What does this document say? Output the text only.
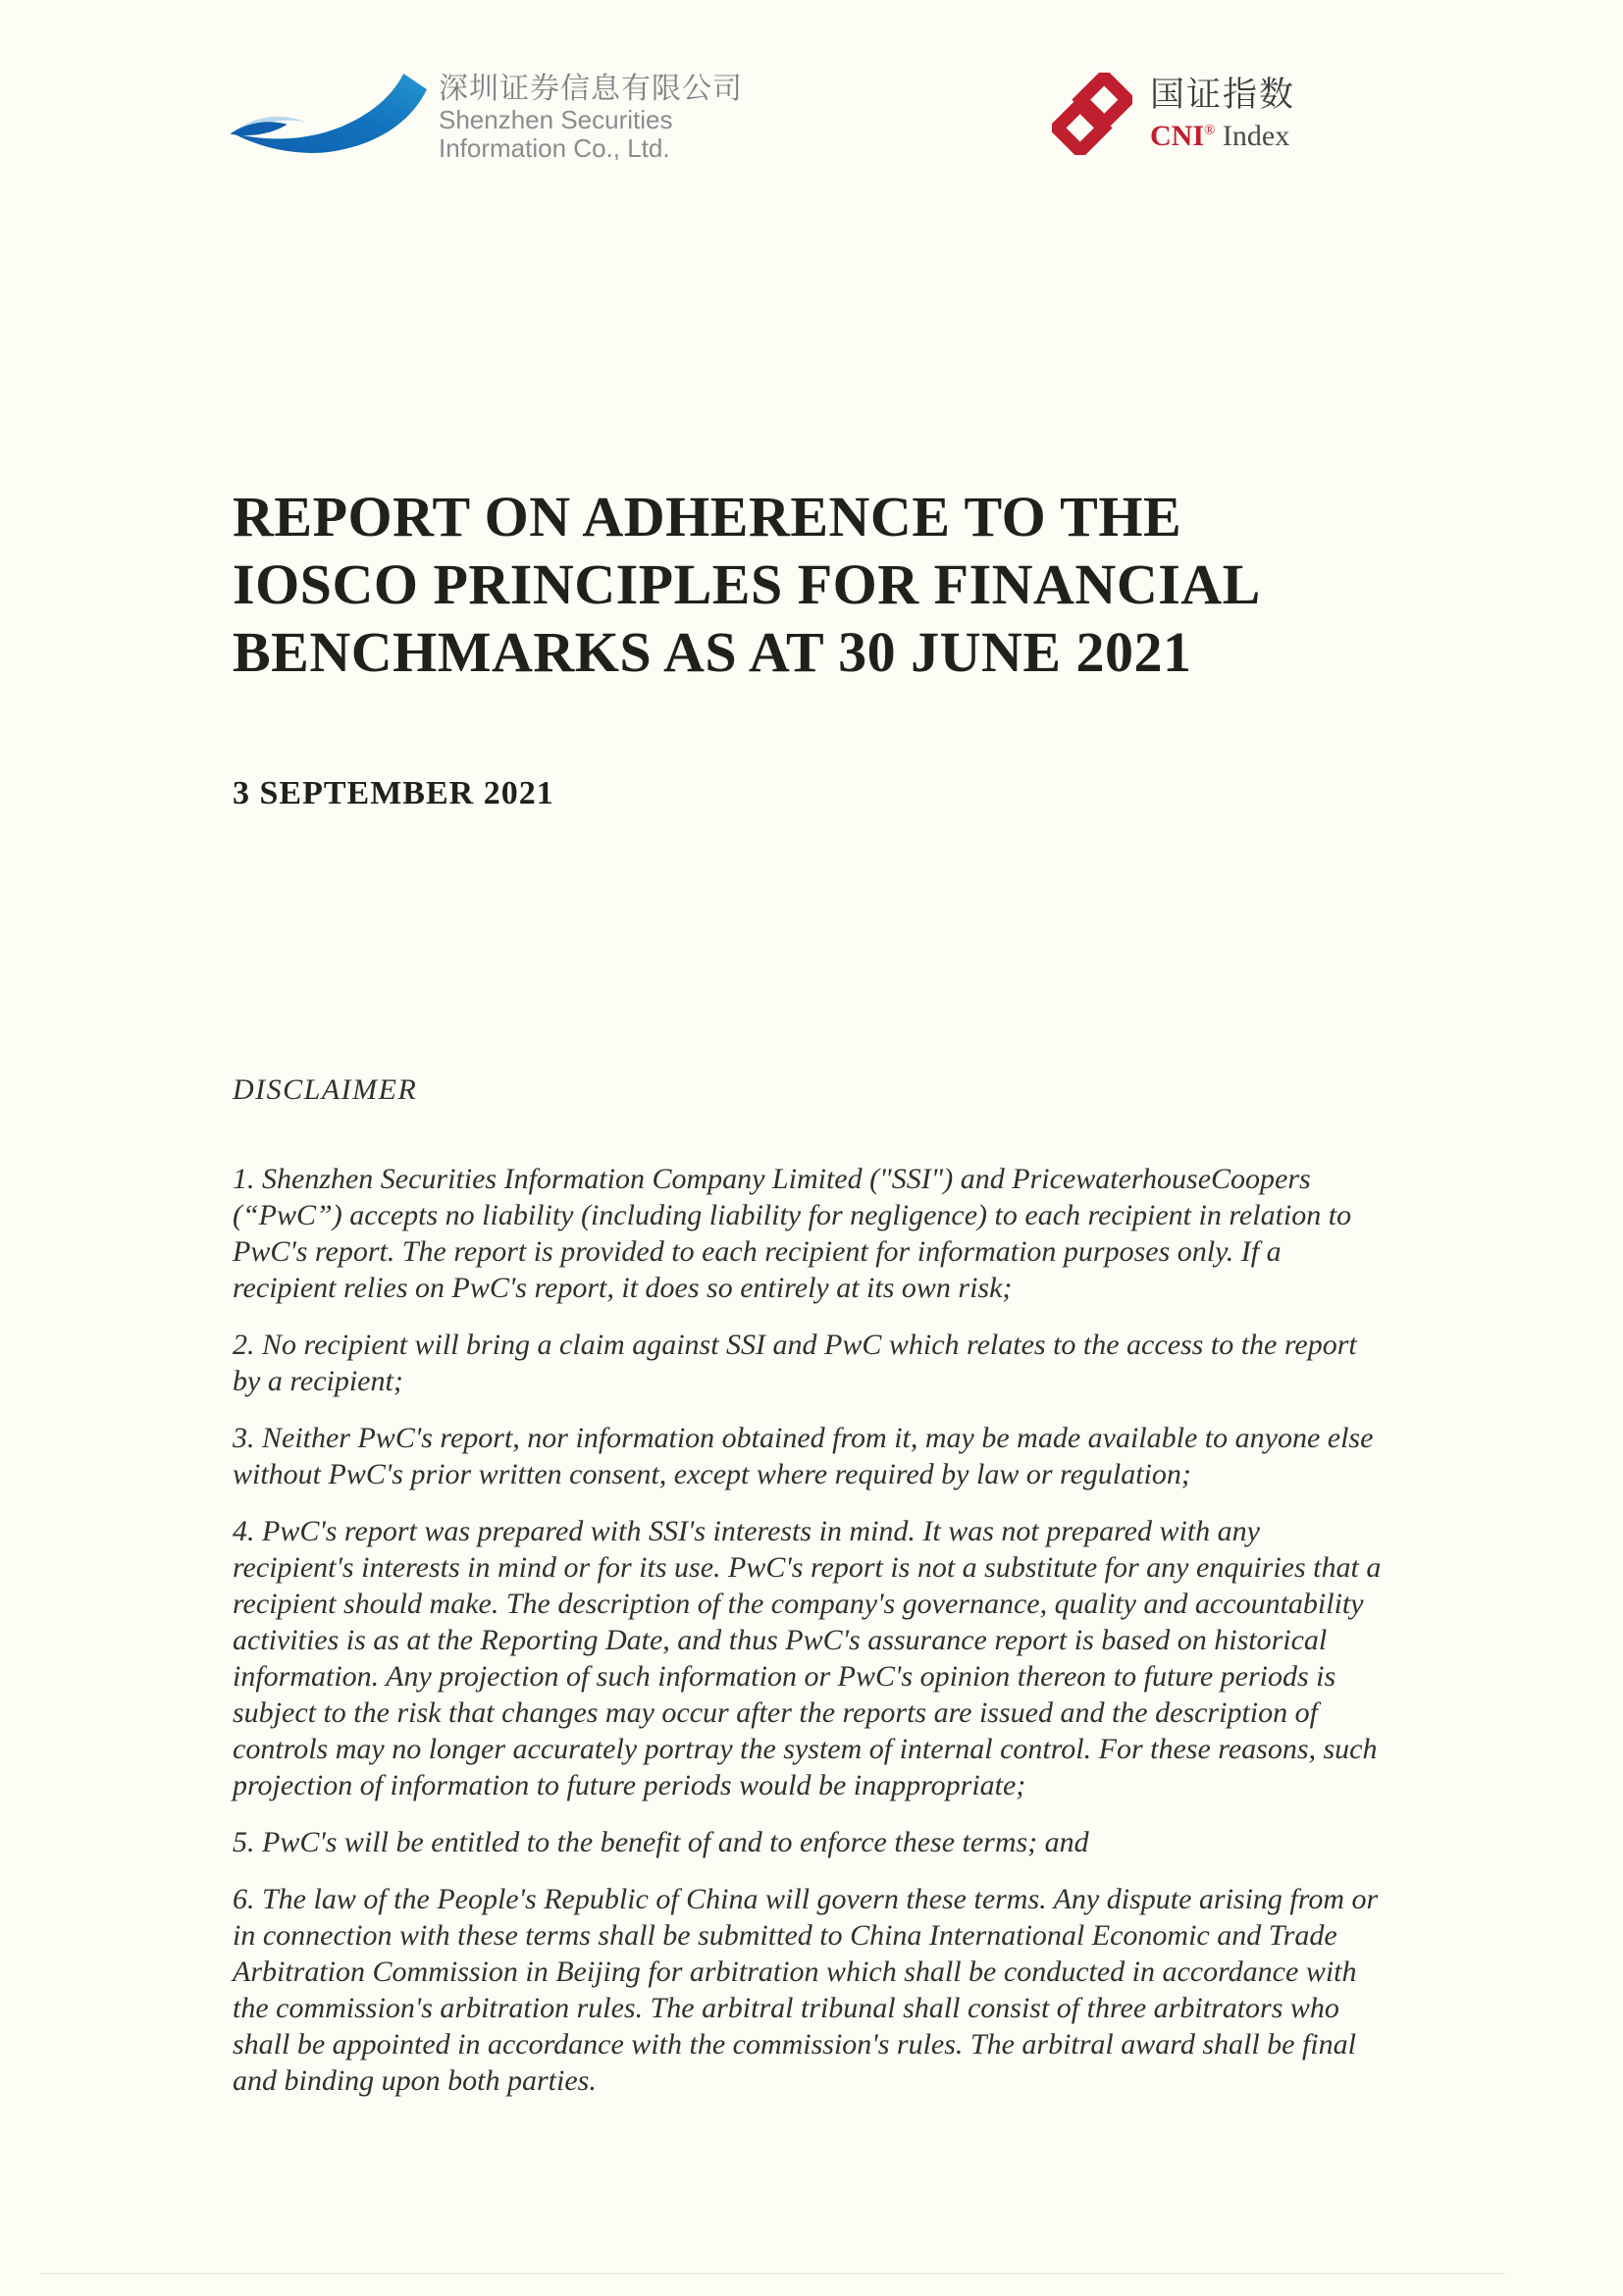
深圳证券信息有限公司
Shenzhen Securities
Information Co., Ltd.
国证指数
CNI® Index
REPORT ON ADHERENCE TO THE
IOSCO PRINCIPLES FOR FINANCIAL
BENCHMARKS AS AT 30 JUNE 2021
3 SEPTEMBER 2021
DISCLAIMER

1. Shenzhen Securities Information Company Limited ("SSI") and PricewaterhouseCoopers (“PwC”) accepts no liability (including liability for negligence) to each recipient in relation to PwC's report. The report is provided to each recipient for information purposes only. If a recipient relies on PwC's report, it does so entirely at its own risk;

2. No recipient will bring a claim against SSI and PwC which relates to the access to the report by a recipient;

3. Neither PwC's report, nor information obtained from it, may be made available to anyone else without PwC's prior written consent, except where required by law or regulation;

4. PwC's report was prepared with SSI's interests in mind. It was not prepared with any recipient's interests in mind or for its use. PwC's report is not a substitute for any enquiries that a recipient should make. The description of the company's governance, quality and accountability activities is as at the Reporting Date, and thus PwC's assurance report is based on historical information. Any projection of such information or PwC's opinion thereon to future periods is subject to the risk that changes may occur after the reports are issued and the description of controls may no longer accurately portray the system of internal control. For these reasons, such projection of information to future periods would be inappropriate;

5. PwC's will be entitled to the benefit of and to enforce these terms; and

6. The law of the People's Republic of China will govern these terms. Any dispute arising from or in connection with these terms shall be submitted to China International Economic and Trade Arbitration Commission in Beijing for arbitration which shall be conducted in accordance with the commission's arbitration rules. The arbitral tribunal shall consist of three arbitrators who shall be appointed in accordance with the commission's rules. The arbitral award shall be final and binding upon both parties.
